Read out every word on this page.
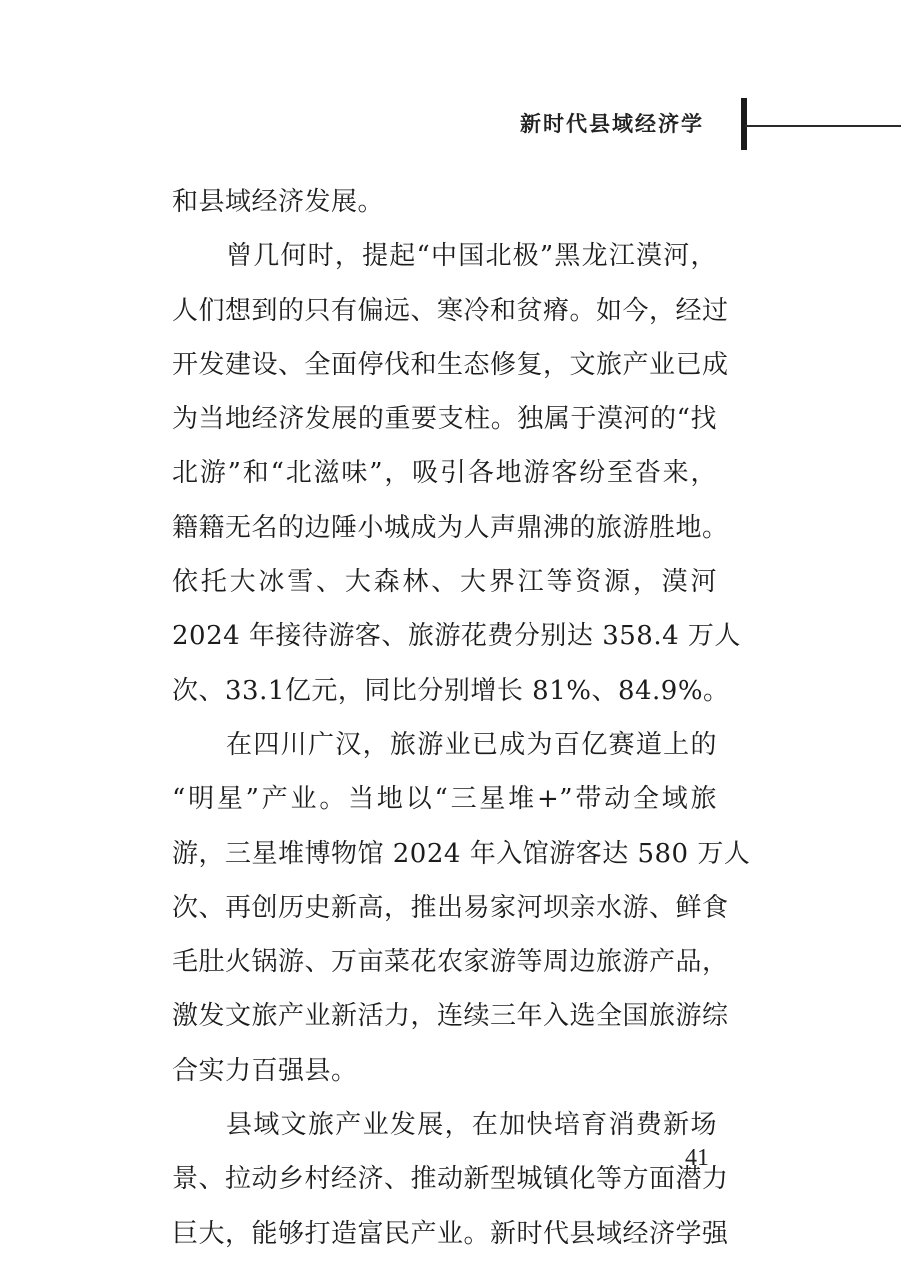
新时代县域经济学
和县域经济发展。
曾几何时，提起“中国北极”黑龙江漠河，
人们想到的只有偏远、寒冷和贫瘠。如今，经过
开发建设、全面停伐和生态修复，文旅产业已成
为当地经济发展的重要支柱。独属于漠河的“找
北游”和“北滋味”，吸引各地游客纷至沓来，
籍籍无名的边陲小城成为人声鼎沸的旅游胜地。
依托大冰雪、大森林、大界江等资源，漠河
2024 年接待游客、旅游花费分别达 358.4 万人
次、33.1亿元，同比分别增长 81%、84.9%。
在四川广汉，旅游业已成为百亿赛道上的
“明星”产业。当地以“三星堆+”带动全域旅
游，三星堆博物馆 2024 年入馆游客达 580 万人
次、再创历史新高，推出易家河坝亲水游、鲜食
毛肚火锅游、万亩菜花农家游等周边旅游产品，
激发文旅产业新活力，连续三年入选全国旅游综
合实力百强县。
县域文旅产业发展，在加快培育消费新场
景、拉动乡村经济、推动新型城镇化等方面潜力
巨大，能够打造富民产业。新时代县域经济学强
41
